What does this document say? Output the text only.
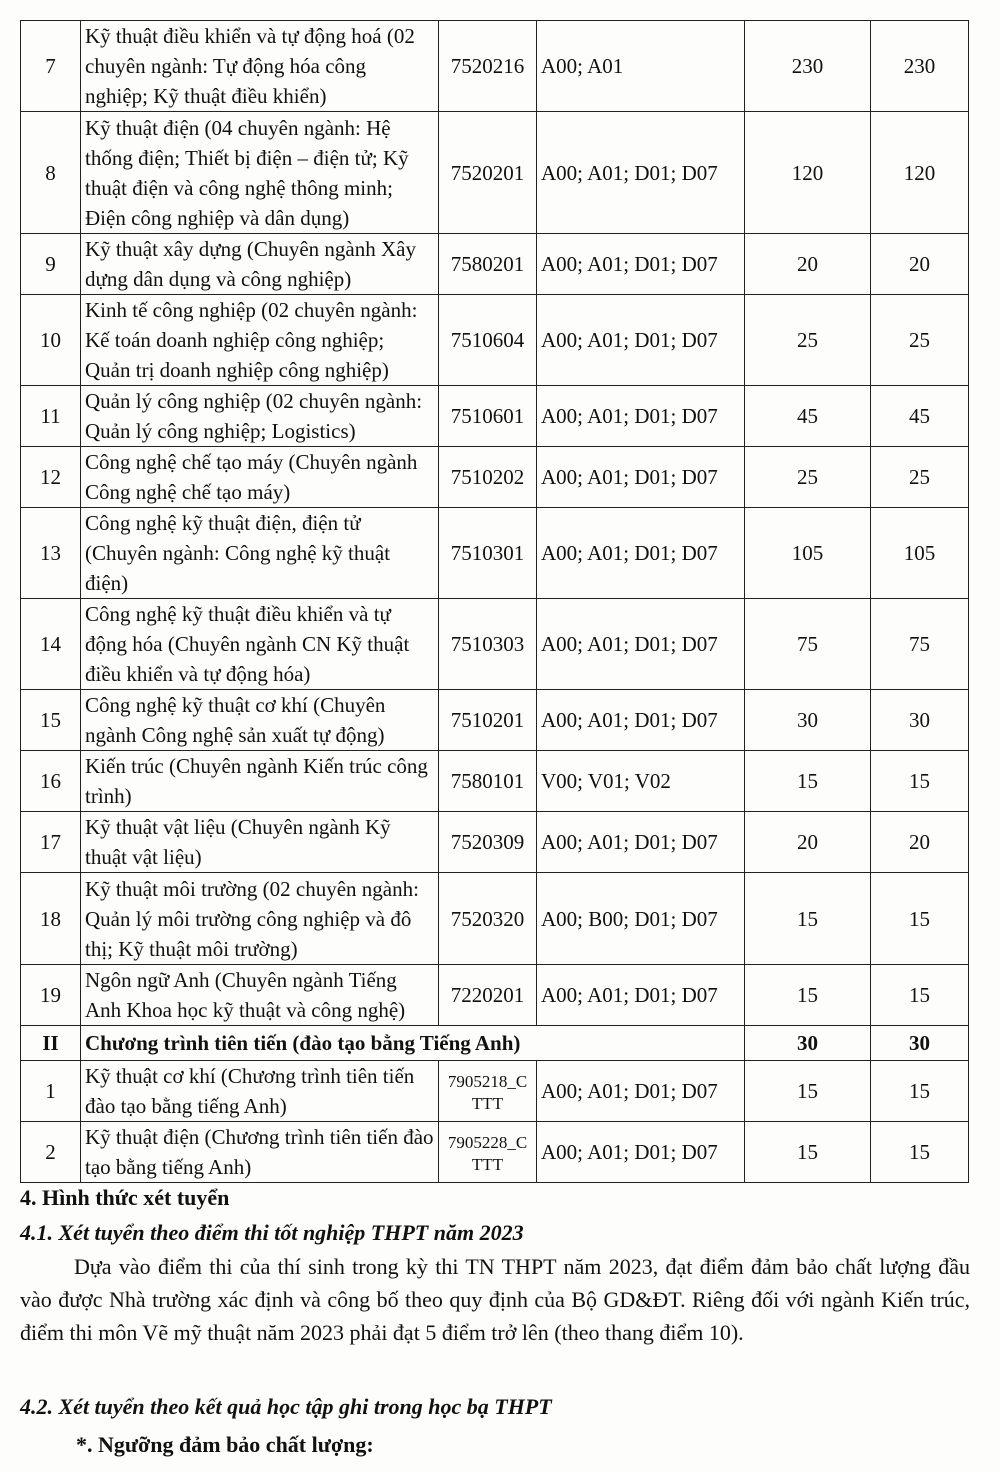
7	Kỹ thuật điều khiển và tự động hoá (02 chuyên ngành: Tự động hóa công nghiệp; Kỹ thuật điều khiển)	7520216	A00; A01	230	230
8	Kỹ thuật điện (04 chuyên ngành: Hệ thống điện; Thiết bị điện – điện tử; Kỹ thuật điện và công nghệ thông minh; Điện công nghiệp và dân dụng)	7520201	A00; A01; D01; D07	120	120
9	Kỹ thuật xây dựng (Chuyên ngành Xây dựng dân dụng và công nghiệp)	7580201	A00; A01; D01; D07	20	20
10	Kinh tế công nghiệp (02 chuyên ngành: Kế toán doanh nghiệp công nghiệp; Quản trị doanh nghiệp công nghiệp)	7510604	A00; A01; D01; D07	25	25
11	Quản lý công nghiệp (02 chuyên ngành: Quản lý công nghiệp; Logistics)	7510601	A00; A01; D01; D07	45	45
12	Công nghệ chế tạo máy (Chuyên ngành Công nghệ chế tạo máy)	7510202	A00; A01; D01; D07	25	25
13	Công nghệ kỹ thuật điện, điện tử (Chuyên ngành: Công nghệ kỹ thuật điện)	7510301	A00; A01; D01; D07	105	105
14	Công nghệ kỹ thuật điều khiển và tự động hóa (Chuyên ngành CN Kỹ thuật điều khiển và tự động hóa)	7510303	A00; A01; D01; D07	75	75
15	Công nghệ kỹ thuật cơ khí (Chuyên ngành Công nghệ sản xuất tự động)	7510201	A00; A01; D01; D07	30	30
16	Kiến trúc (Chuyên ngành Kiến trúc công trình)	7580101	V00; V01; V02	15	15
17	Kỹ thuật vật liệu (Chuyên ngành Kỹ thuật vật liệu)	7520309	A00; A01; D01; D07	20	20
18	Kỹ thuật môi trường (02 chuyên ngành: Quản lý môi trường công nghiệp và đô thị; Kỹ thuật môi trường)	7520320	A00; B00; D01; D07	15	15
19	Ngôn ngữ Anh (Chuyên ngành Tiếng Anh Khoa học kỹ thuật và công nghệ)	7220201	A00; A01; D01; D07	15	15
II	Chương trình tiên tiến (đào tạo bằng Tiếng Anh)			30	30
1	Kỹ thuật cơ khí (Chương trình tiên tiến đào tạo bằng tiếng Anh)	7905218_C TTT	A00; A01; D01; D07	15	15
2	Kỹ thuật điện (Chương trình tiên tiến đào tạo bằng tiếng Anh)	7905228_C TTT	A00; A01; D01; D07	15	15
4. Hình thức xét tuyển
4.1. Xét tuyển theo điểm thi tốt nghiệp THPT năm 2023
Dựa vào điểm thi của thí sinh trong kỳ thi TN THPT năm 2023, đạt điểm đảm bảo chất lượng đầu vào được Nhà trường xác định và công bố theo quy định của Bộ GD&ĐT. Riêng đối với ngành Kiến trúc, điểm thi môn Vẽ mỹ thuật năm 2023 phải đạt 5 điểm trở lên (theo thang điểm 10).
4.2. Xét tuyển theo kết quả học tập ghi trong học bạ THPT
*. Ngưỡng đảm bảo chất lượng:
